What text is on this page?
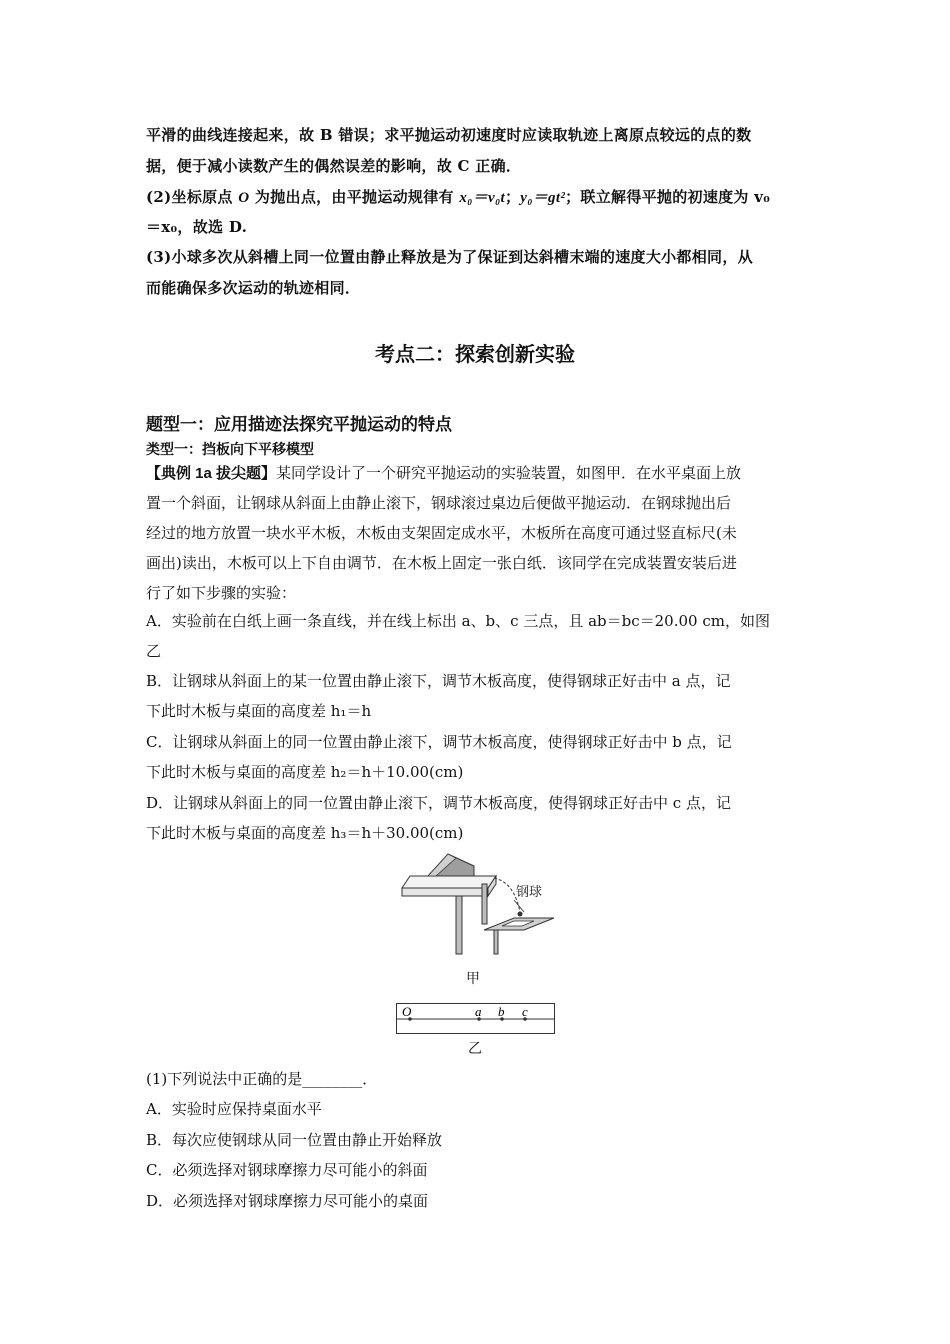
平滑的曲线连接起来，故 B 错误；求平抛运动初速度时应读取轨迹上离原点较远的点的数

据，便于减小读数产生的偶然误差的影响，故 C 正确．

(2)坐标原点 O 为抛出点，由平抛运动规律有 x₀＝v₀t；y₀＝gt²；联立解得平抛的初速度为 v₀

＝x₀，故选 D.

(3)小球多次从斜槽上同一位置由静止释放是为了保证到达斜槽末端的速度大小都相同，从

而能确保多次运动的轨迹相同．

考点二：探索创新实验
题型一：应用描迹法探究平抛运动的特点
类型一：挡板向下平移模型

【典例 1a 拔尖题】某同学设计了一个研究平抛运动的实验装置，如图甲．在水平桌面上放

置一个斜面，让钢球从斜面上由静止滚下，钢球滚过桌边后便做平抛运动．在钢球抛出后

经过的地方放置一块水平木板，木板由支架固定成水平，木板所在高度可通过竖直标尺(未

画出)读出，木板可以上下自由调节．在木板上固定一张白纸．该同学在完成装置安装后进

行了如下步骤的实验：

A．实验前在白纸上画一条直线，并在线上标出 a、b、c 三点，且 ab＝bc＝20.00 cm，如图

乙

B．让钢球从斜面上的某一位置由静止滚下，调节木板高度，使得钢球正好击中 a 点，记

下此时木板与桌面的高度差 h₁＝h

C．让钢球从斜面上的同一位置由静止滚下，调节木板高度，使得钢球正好击中 b 点，记

下此时木板与桌面的高度差 h₂＝h＋10.00(cm)

D．让钢球从斜面上的同一位置由静止滚下，调节木板高度，使得钢球正好击中 c 点，记

下此时木板与桌面的高度差 h₃＝h＋30.00(cm)

钢球
甲
O	a b c
乙

(1)下列说法中正确的是________．

A．实验时应保持桌面水平

B．每次应使钢球从同一位置由静止开始释放

C．必须选择对钢球摩擦力尽可能小的斜面

D．必须选择对钢球摩擦力尽可能小的桌面
